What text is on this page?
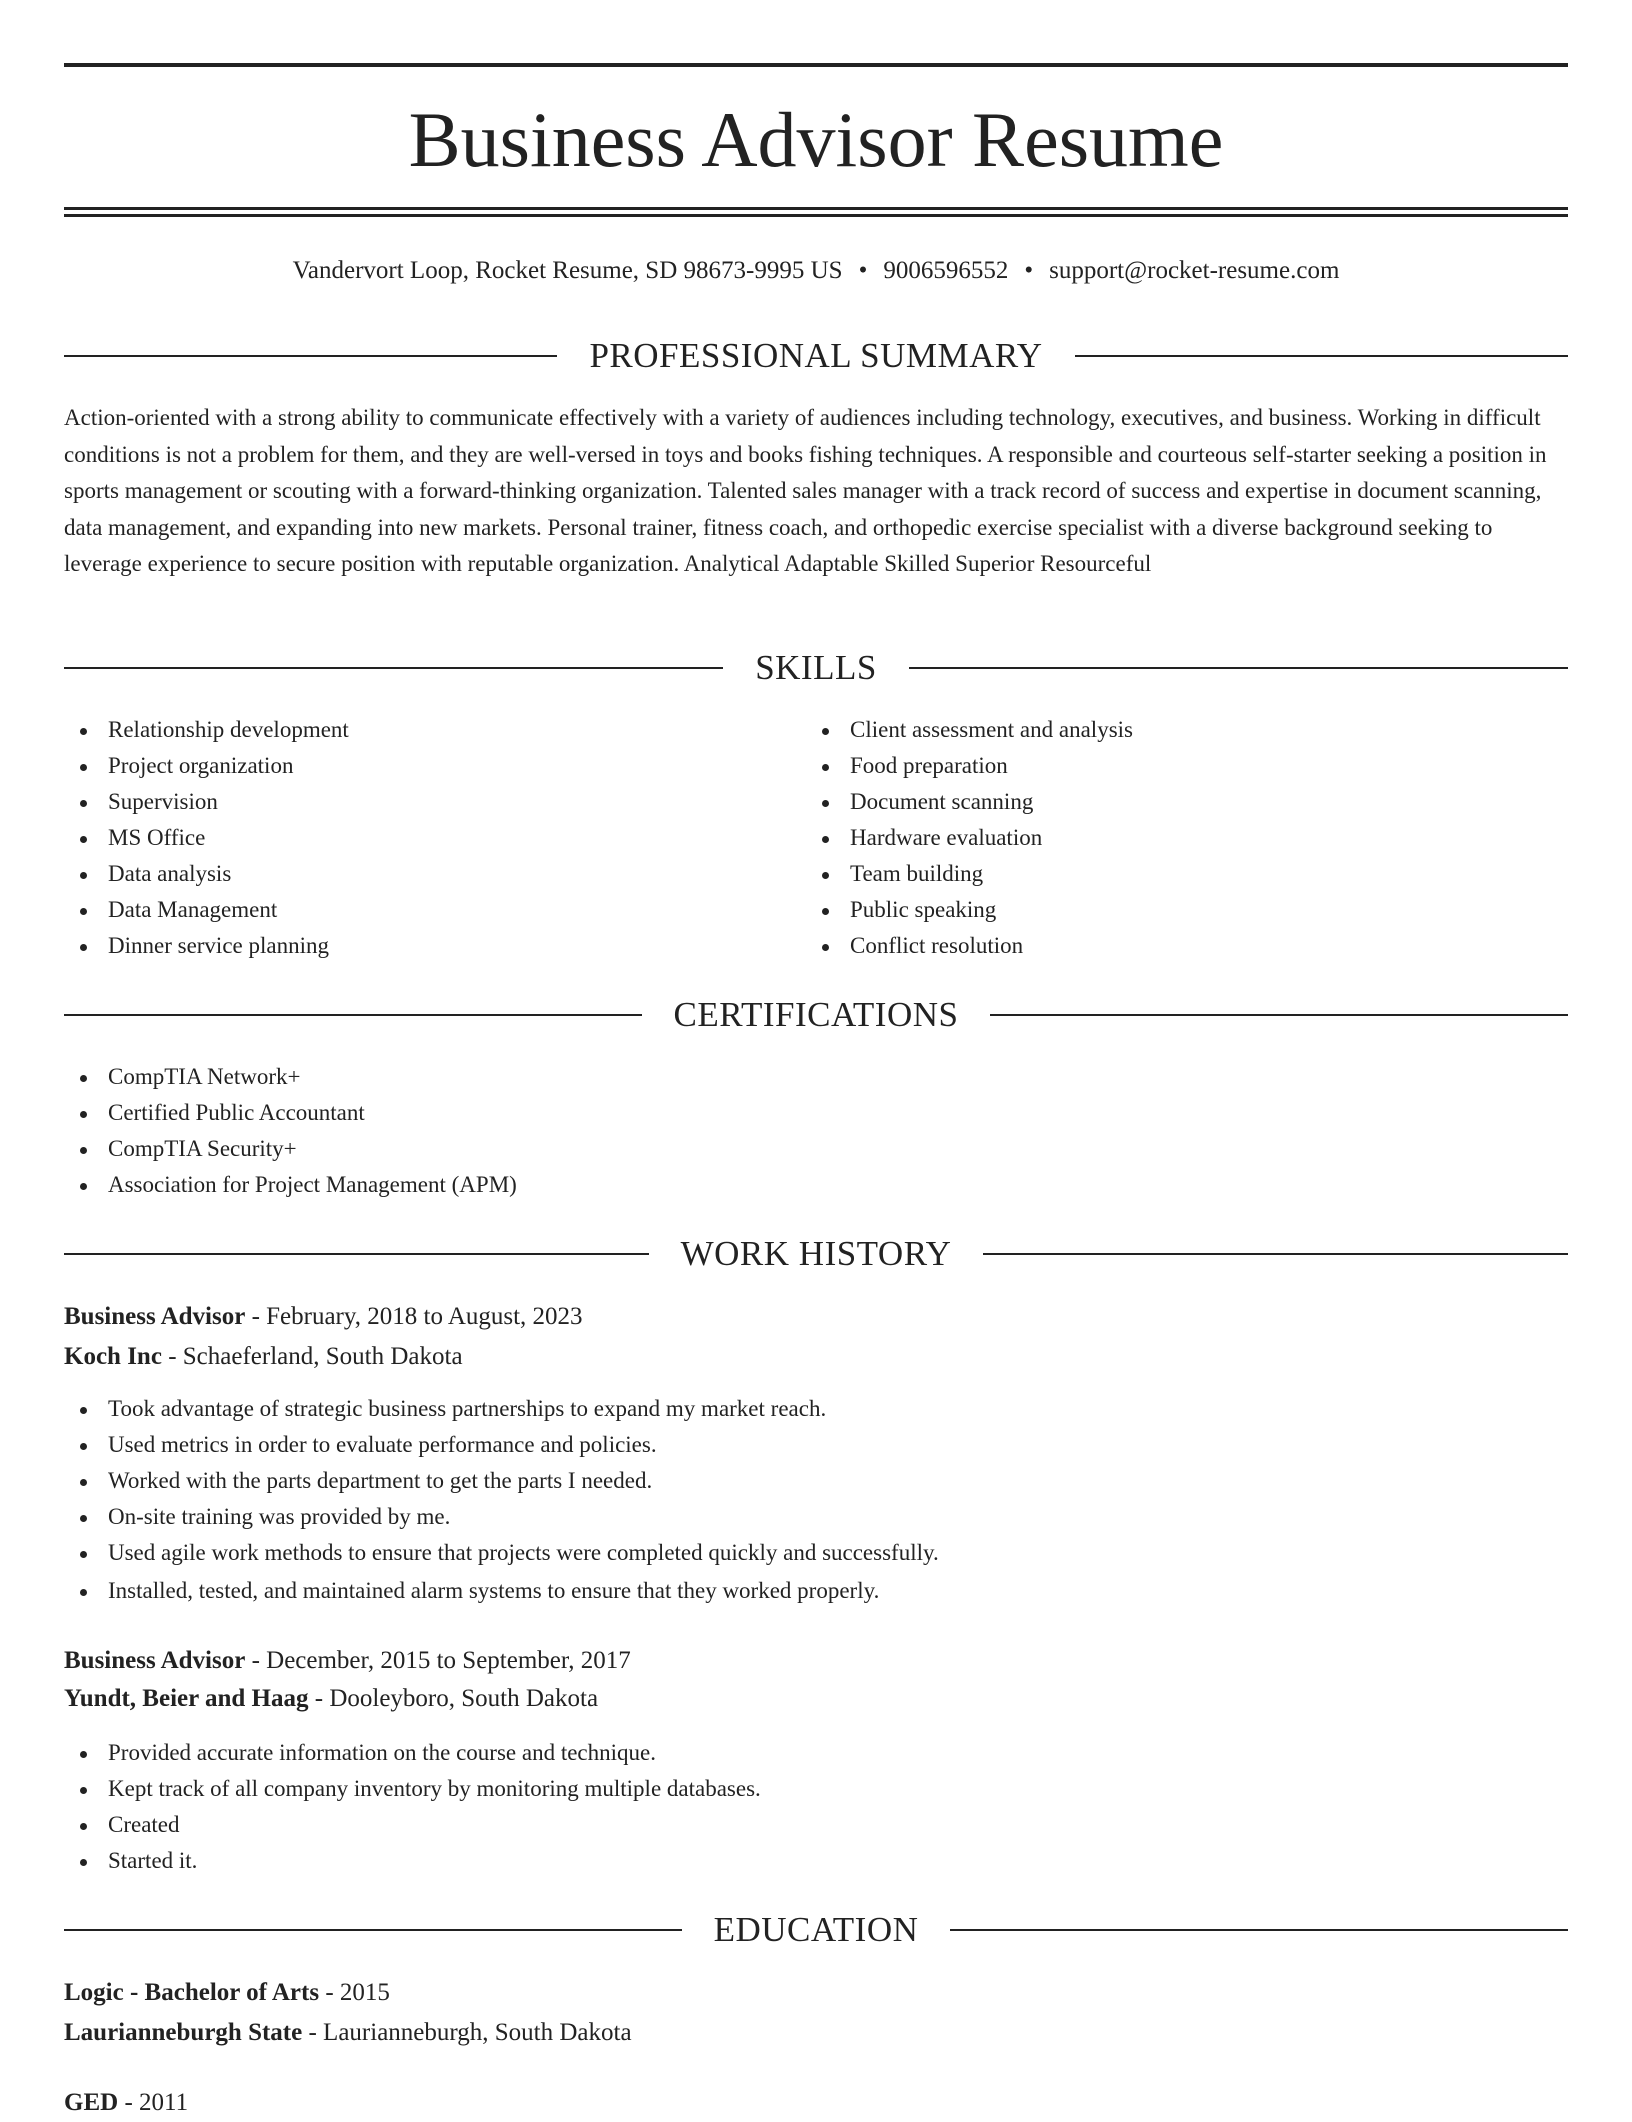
Business Advisor Resume
Vandervort Loop, Rocket Resume, SD 98673-9995 US • 9006596552 • support@rocket-resume.com
PROFESSIONAL SUMMARY

Action-oriented with a strong ability to communicate effectively with a variety of audiences including technology, executives, and business. Working in difficult conditions is not a problem for them, and they are well-versed in toys and books fishing techniques. A responsible and courteous self-starter seeking a position in sports management or scouting with a forward-thinking organization. Talented sales manager with a track record of success and expertise in document scanning, data management, and expanding into new markets. Personal trainer, fitness coach, and orthopedic exercise specialist with a diverse background seeking to leverage experience to secure position with reputable organization. Analytical Adaptable Skilled Superior Resourceful

SKILLS
Relationship development
Project organization
Supervision
MS Office
Data analysis
Data Management
Dinner service planning
Client assessment and analysis
Food preparation
Document scanning
Hardware evaluation
Team building
Public speaking
Conflict resolution
CERTIFICATIONS
CompTIA Network+
Certified Public Accountant
CompTIA Security+
Association for Project Management (APM)
WORK HISTORY
Business Advisor - February, 2018 to August, 2023
Koch Inc - Schaeferland, South Dakota
Took advantage of strategic business partnerships to expand my market reach.
Used metrics in order to evaluate performance and policies.
Worked with the parts department to get the parts I needed.
On-site training was provided by me.
Used agile work methods to ensure that projects were completed quickly and successfully.
Installed, tested, and maintained alarm systems to ensure that they worked properly.
Business Advisor - December, 2015 to September, 2017
Yundt, Beier and Haag - Dooleyboro, South Dakota
Provided accurate information on the course and technique.
Kept track of all company inventory by monitoring multiple databases.
Created
Started it.
EDUCATION
Logic - Bachelor of Arts - 2015
Laurianneburgh State - Laurianneburgh, South Dakota
GED - 2011
